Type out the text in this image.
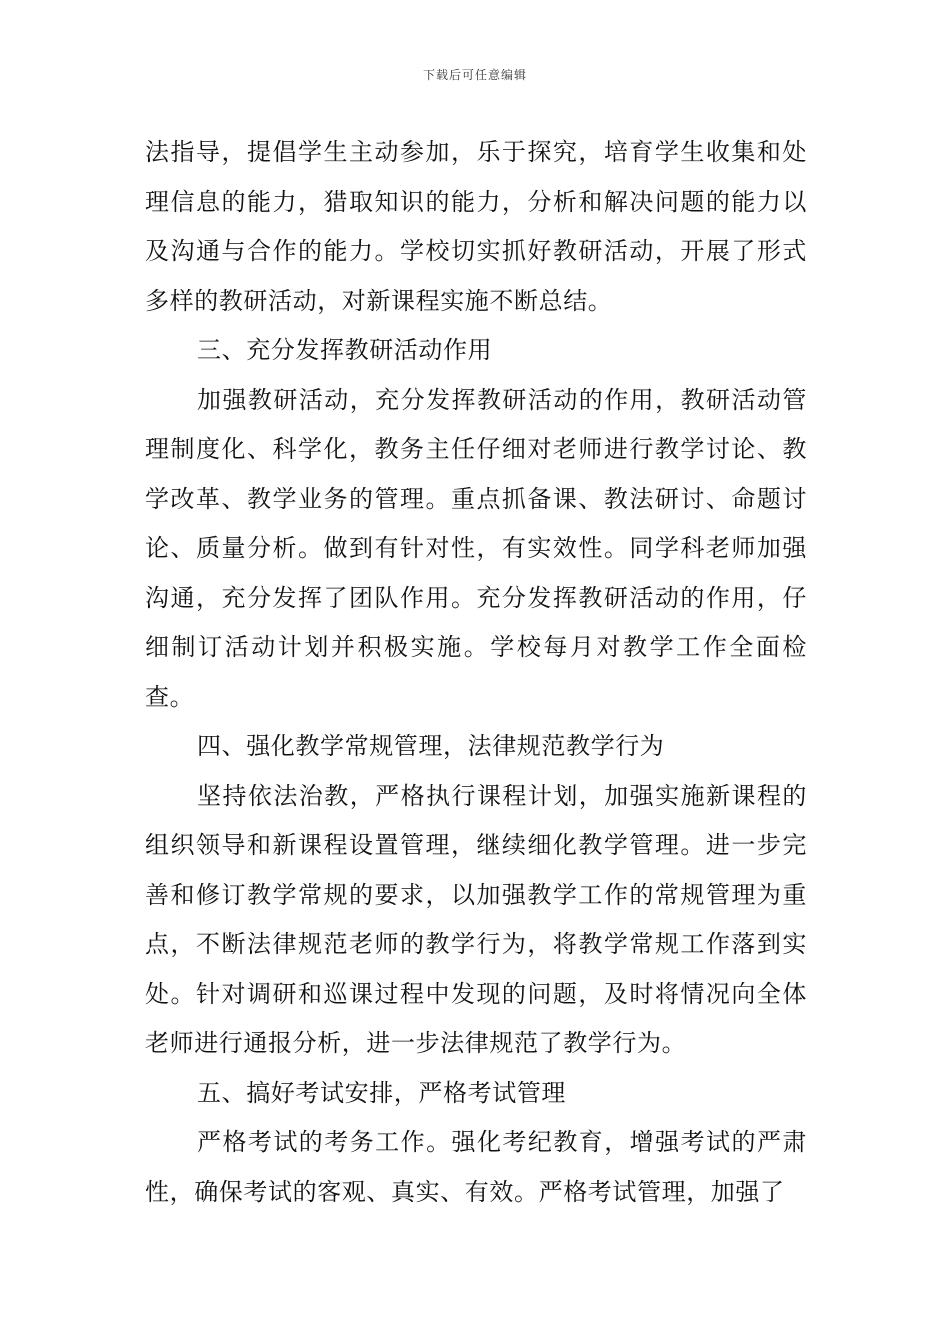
下载后可任意编辑

法指导，提倡学生主动参加，乐于探究，培育学生收集和处理信息的能力，猎取知识的能力，分析和解决问题的能力以及沟通与合作的能力。学校切实抓好教研活动，开展了形式多样的教研活动，对新课程实施不断总结。

三、充分发挥教研活动作用

加强教研活动，充分发挥教研活动的作用，教研活动管理制度化、科学化，教务主任仔细对老师进行教学讨论、教学改革、教学业务的管理。重点抓备课、教法研讨、命题讨论、质量分析。做到有针对性，有实效性。同学科老师加强沟通，充分发挥了团队作用。充分发挥教研活动的作用，仔细制订活动计划并积极实施。学校每月对教学工作全面检查。

四、强化教学常规管理，法律规范教学行为

坚持依法治教，严格执行课程计划，加强实施新课程的组织领导和新课程设置管理，继续细化教学管理。进一步完善和修订教学常规的要求，以加强教学工作的常规管理为重点，不断法律规范老师的教学行为，将教学常规工作落到实处。针对调研和巡课过程中发现的问题，及时将情况向全体老师进行通报分析，进一步法律规范了教学行为。

五、搞好考试安排，严格考试管理

严格考试的考务工作。强化考纪教育，增强考试的严肃性，确保考试的客观、真实、有效。严格考试管理，加强了
